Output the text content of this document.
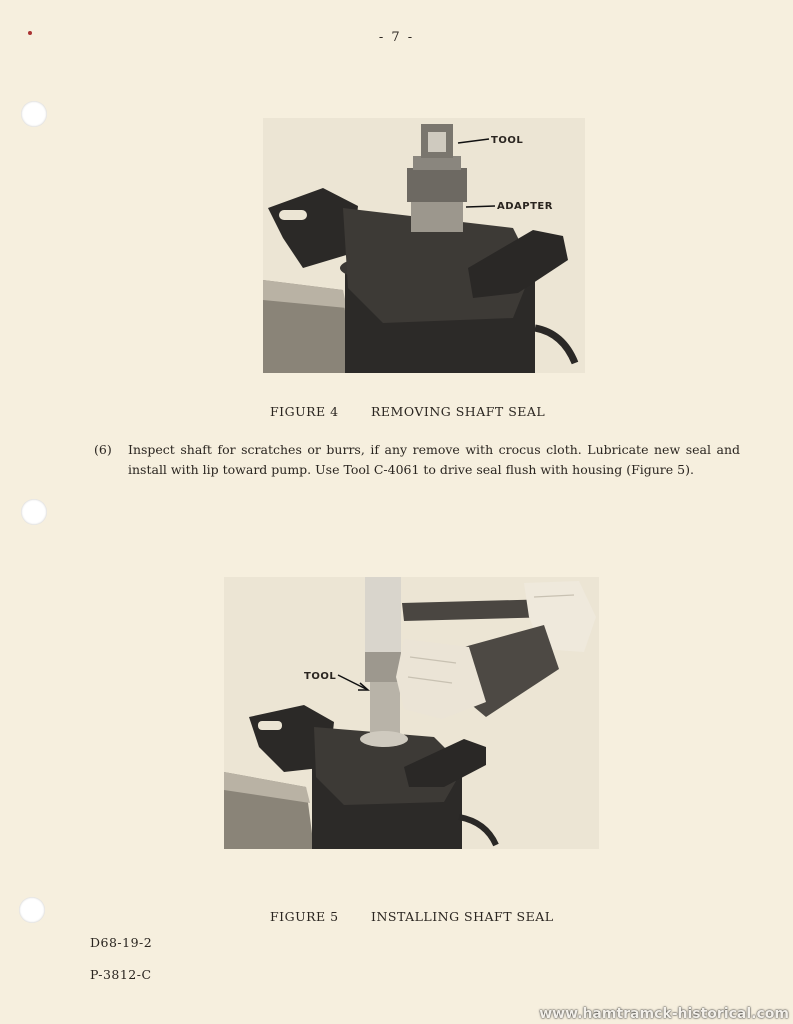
- 7 -
TOOL
ADAPTER
FIGURE 4	REMOVING SHAFT SEAL
(6) Inspect shaft for scratches or burrs, if any remove with crocus cloth. Lubricate new seal and install with lip toward pump. Use Tool C-4061 to drive seal flush with housing (Figure 5).
TOOL
FIGURE 5	INSTALLING SHAFT SEAL
D68-19-2
P-3812-C
www.hamtramck-historical.com
